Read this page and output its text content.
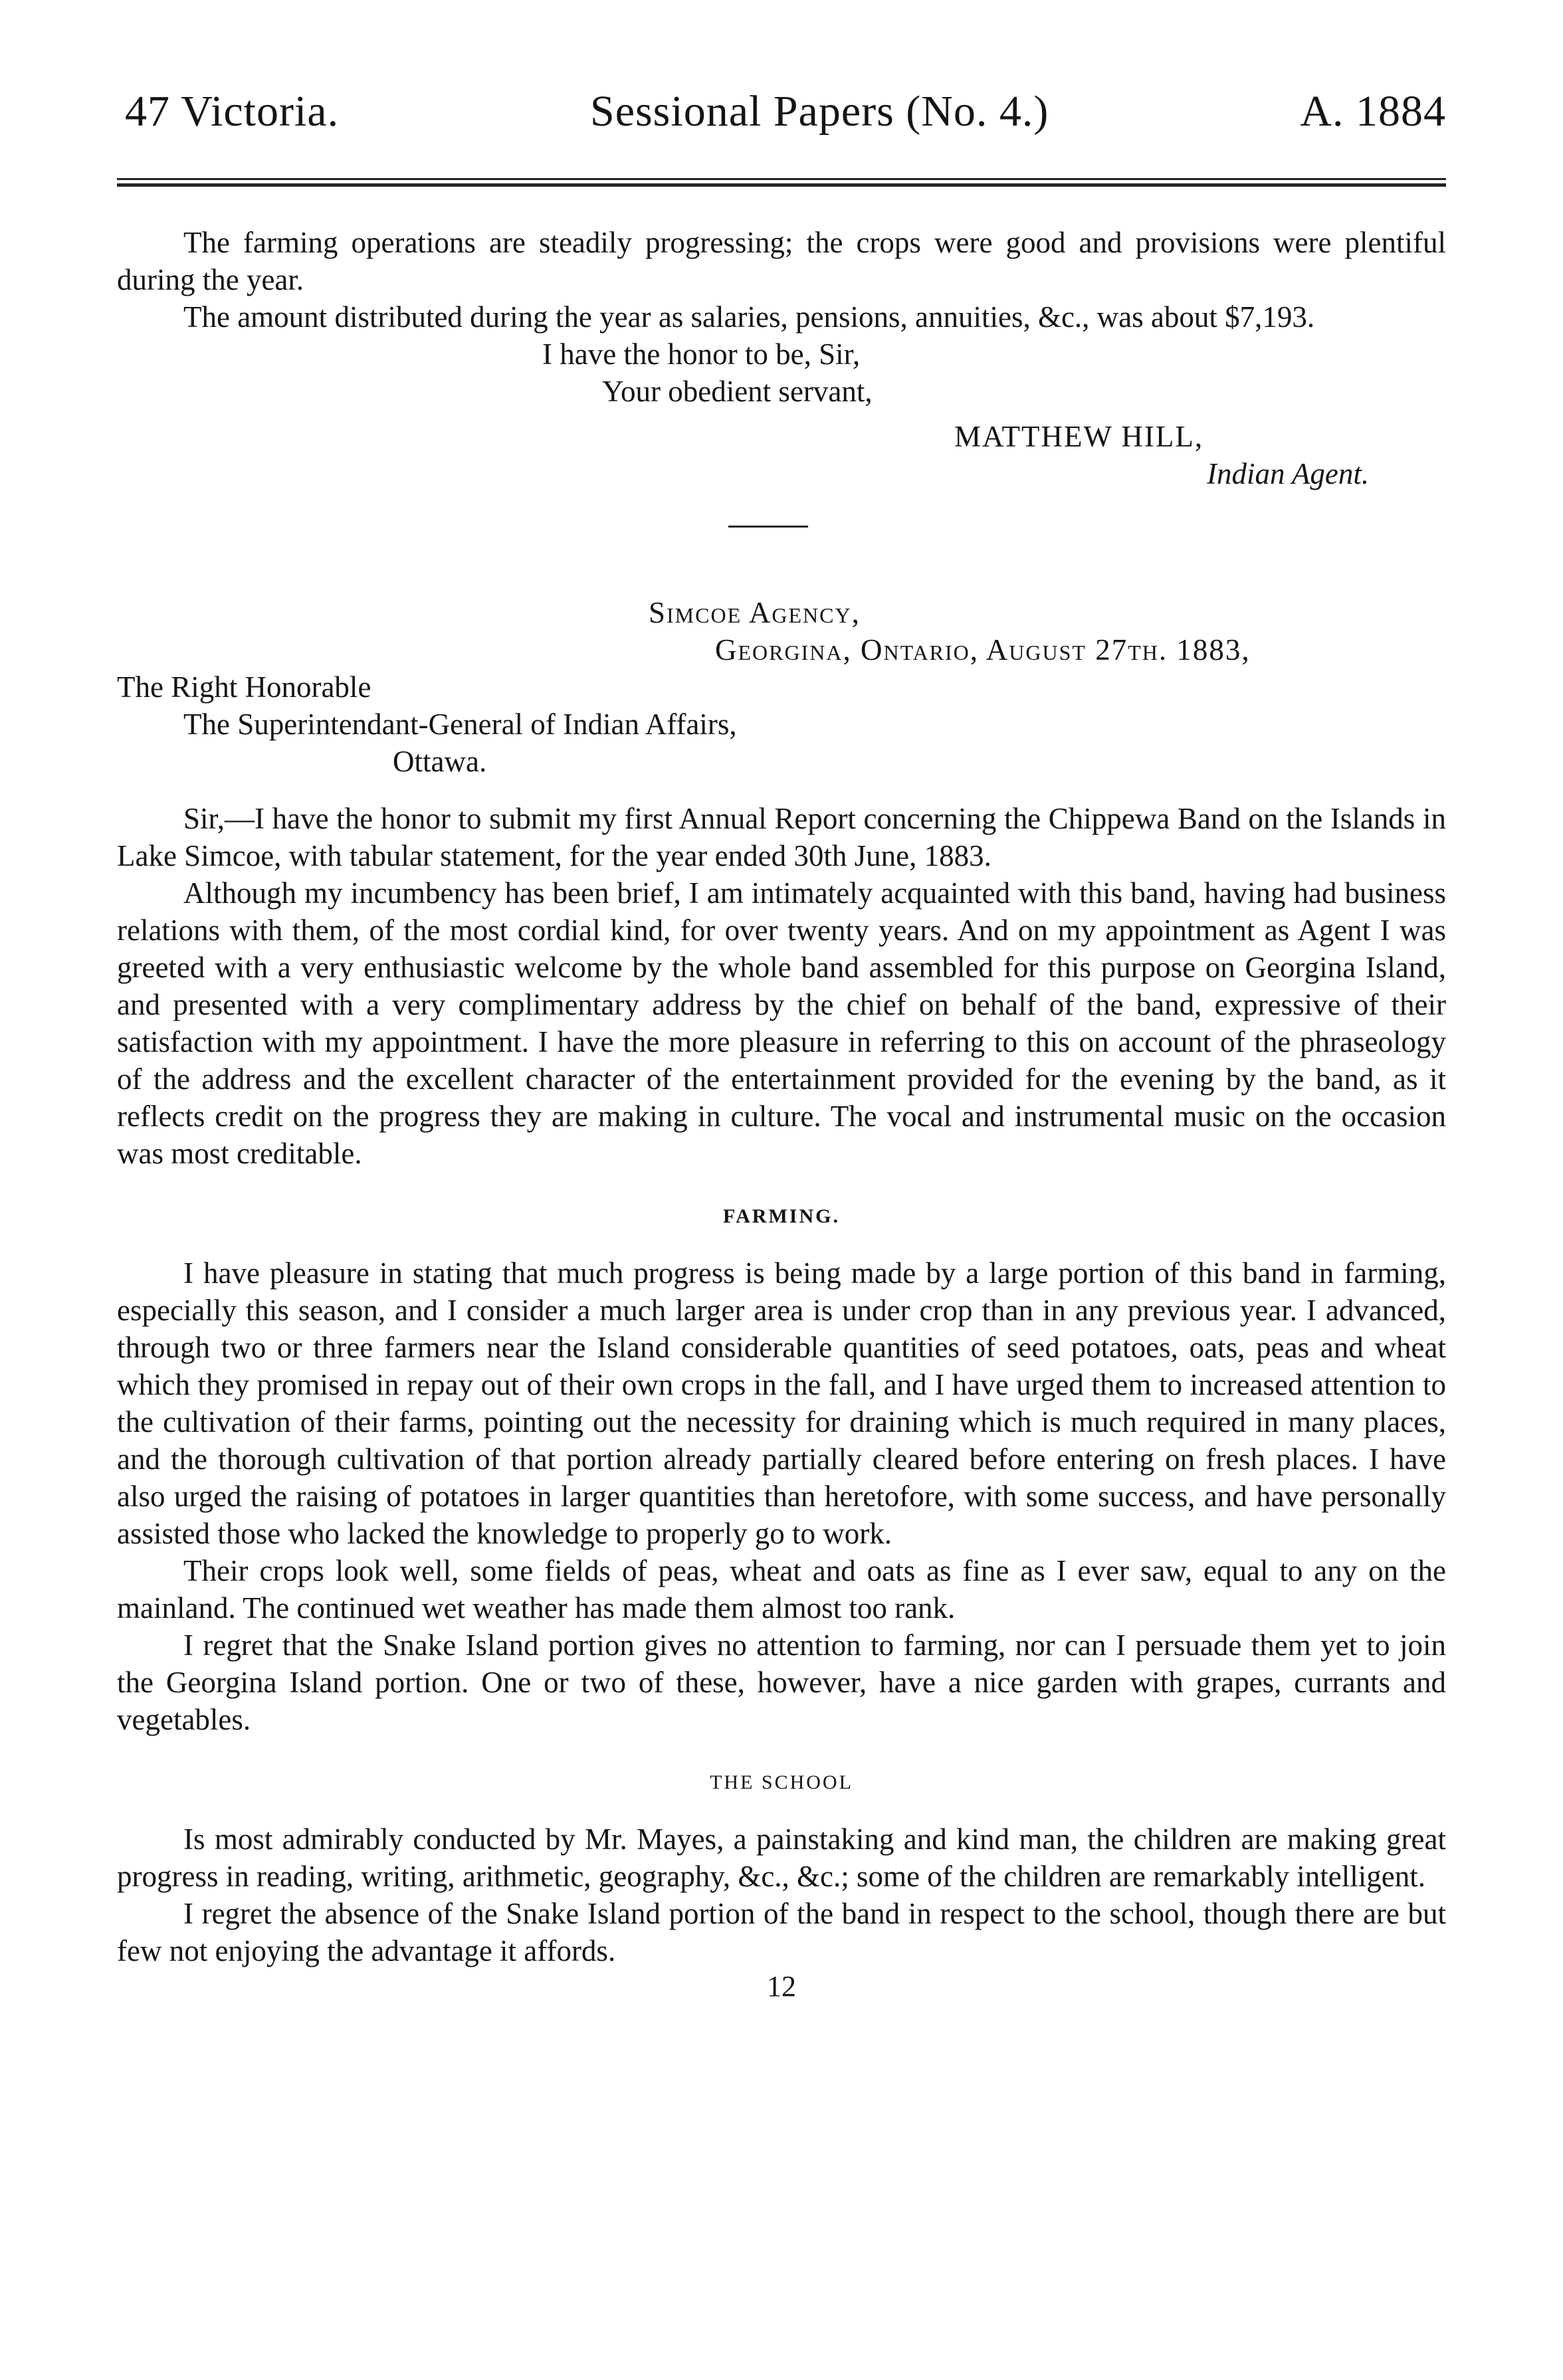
47 Victoria.	Sessional Papers (No. 4.)	A. 1884

The farming operations are steadily progressing; the crops were good and provisions were plentiful during the year.

The amount distributed during the year as salaries, pensions, annuities, &c., was about $7,193.

I have the honor to be, Sir,
Your obedient servant,
MATTHEW HILL,
Indian Agent.
Simcoe Agency,
Georgina, Ontario, August 27th. 1883,
The Right Honorable
The Superintendant-General of Indian Affairs,
Ottawa.

Sir,—I have the honor to submit my first Annual Report concerning the Chippewa Band on the Islands in Lake Simcoe, with tabular statement, for the year ended 30th June, 1883.

Although my incumbency has been brief, I am intimately acquainted with this band, having had business relations with them, of the most cordial kind, for over twenty years. And on my appointment as Agent I was greeted with a very enthusiastic welcome by the whole band assembled for this purpose on Georgina Island, and presented with a very complimentary address by the chief on behalf of the band, expressive of their satisfaction with my appointment. I have the more pleasure in referring to this on account of the phraseology of the address and the excellent character of the entertainment provided for the evening by the band, as it reflects credit on the progress they are making in culture. The vocal and instrumental music on the occasion was most creditable.

FARMING.

I have pleasure in stating that much progress is being made by a large portion of this band in farming, especially this season, and I consider a much larger area is under crop than in any previous year. I advanced, through two or three farmers near the Island considerable quantities of seed potatoes, oats, peas and wheat which they promised in repay out of their own crops in the fall, and I have urged them to increased attention to the cultivation of their farms, pointing out the necessity for draining which is much required in many places, and the thorough cultivation of that portion already partially cleared before entering on fresh places. I have also urged the raising of potatoes in larger quantities than heretofore, with some success, and have personally assisted those who lacked the knowledge to properly go to work.

Their crops look well, some fields of peas, wheat and oats as fine as I ever saw, equal to any on the mainland. The continued wet weather has made them almost too rank.

I regret that the Snake Island portion gives no attention to farming, nor can I persuade them yet to join the Georgina Island portion. One or two of these, however, have a nice garden with grapes, currants and vegetables.

THE SCHOOL

Is most admirably conducted by Mr. Mayes, a painstaking and kind man, the children are making great progress in reading, writing, arithmetic, geography, &c., &c.; some of the children are remarkably intelligent.

I regret the absence of the Snake Island portion of the band in respect to the school, though there are but few not enjoying the advantage it affords.

12
